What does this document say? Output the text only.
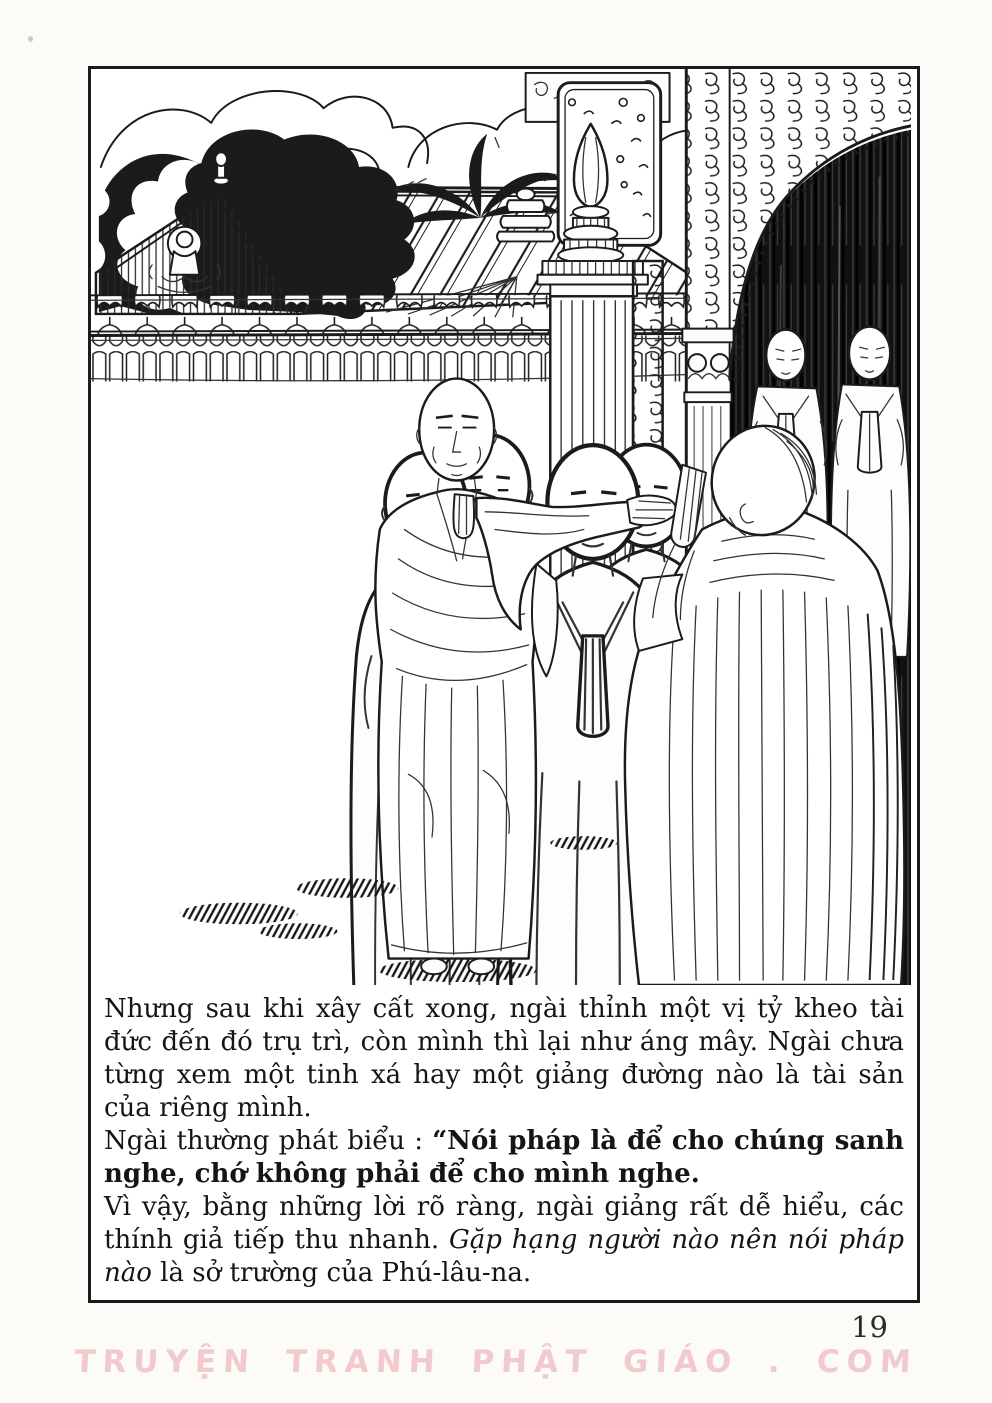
Nhưng sau khi xây cất xong, ngài thỉnh một vị tỷ kheo tài đức đến đó trụ trì, còn mình thì lại như áng mây. Ngài chưa từng xem một tinh xá hay một giảng đường nào là tài sản của riêng mình.

Ngài thường phát biểu : “Nói pháp là để cho chúng sanh nghe, chớ không phải để cho mình nghe.

Vì vậy, bằng những lời rõ ràng, ngài giảng rất dễ hiểu, các thính giả tiếp thu nhanh. Gặp hạng người nào nên nói pháp nào là sở trường của Phú-lâu-na.

19
TRUYỆN TRANH PHẬT GIÁO . COM
